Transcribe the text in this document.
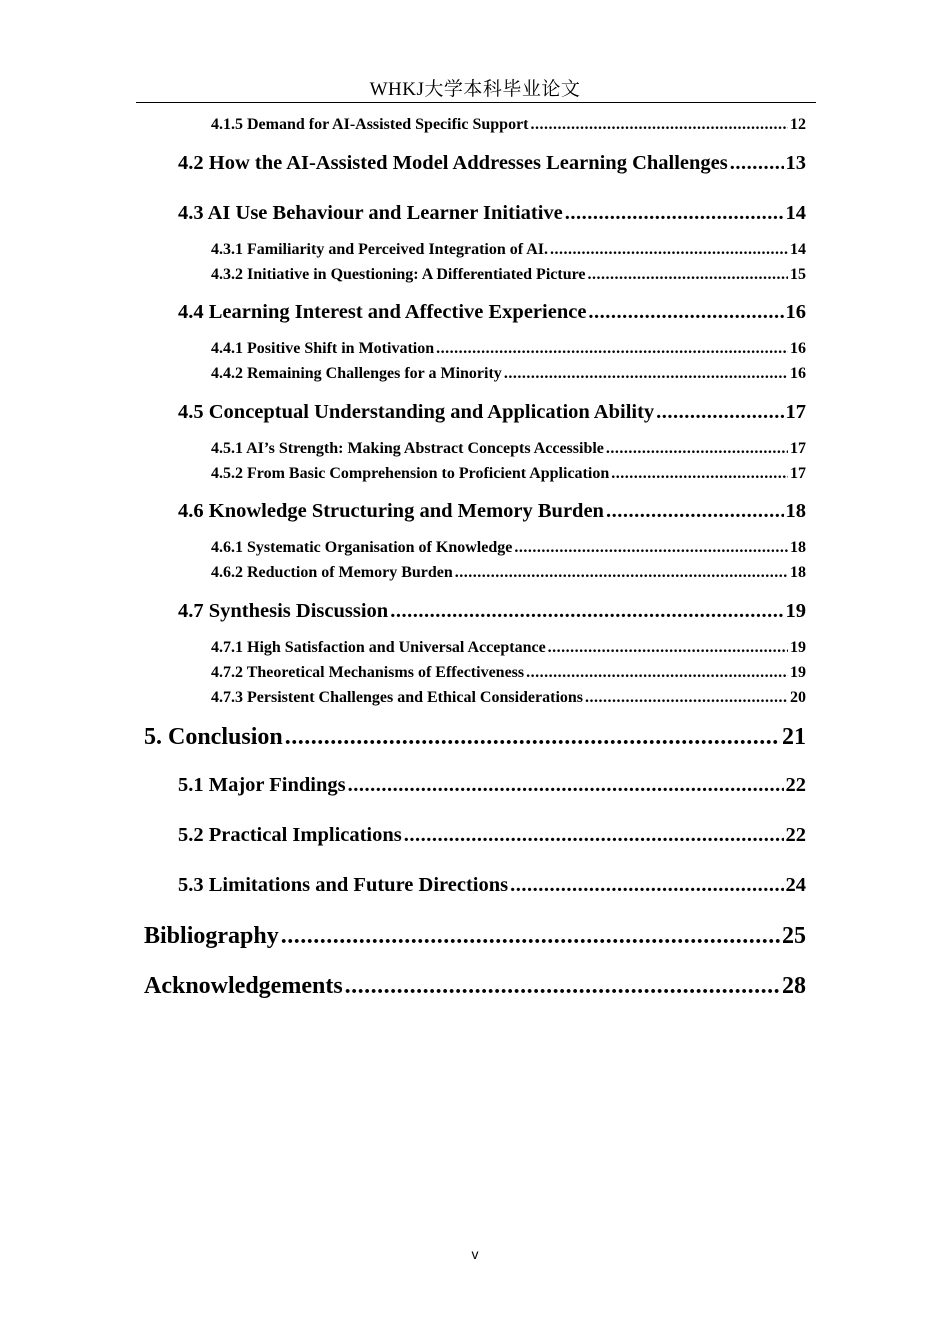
WHKJ大学本科毕业论文
4.1.5 Demand for AI-Assisted Specific Support .....	12
4.2 How the AI-Assisted Model Addresses Learning Challenges .....	13
4.3 AI Use Behaviour and Learner Initiative .....	14
4.3.1 Familiarity and Perceived Integration of AI. .....	14
4.3.2 Initiative in Questioning: A Differentiated Picture .....	15
4.4 Learning Interest and Affective Experience .....	16
4.4.1 Positive Shift in Motivation .....	16
4.4.2 Remaining Challenges for a Minority .....	16
4.5 Conceptual Understanding and Application Ability .....	17
4.5.1 AI’s Strength: Making Abstract Concepts Accessible .....	17
4.5.2 From Basic Comprehension to Proficient Application .....	17
4.6 Knowledge Structuring and Memory Burden .....	18
4.6.1 Systematic Organisation of Knowledge .....	18
4.6.2 Reduction of Memory Burden .....	18
4.7 Synthesis Discussion .....	19
4.7.1 High Satisfaction and Universal Acceptance .....	19
4.7.2 Theoretical Mechanisms of Effectiveness .....	19
4.7.3 Persistent Challenges and Ethical Considerations .....	20
5. Conclusion .....	21
5.1 Major Findings .....	22
5.2 Practical Implications .....	22
5.3 Limitations and Future Directions .....	24
Bibliography .....	25
Acknowledgements .....	28
v
